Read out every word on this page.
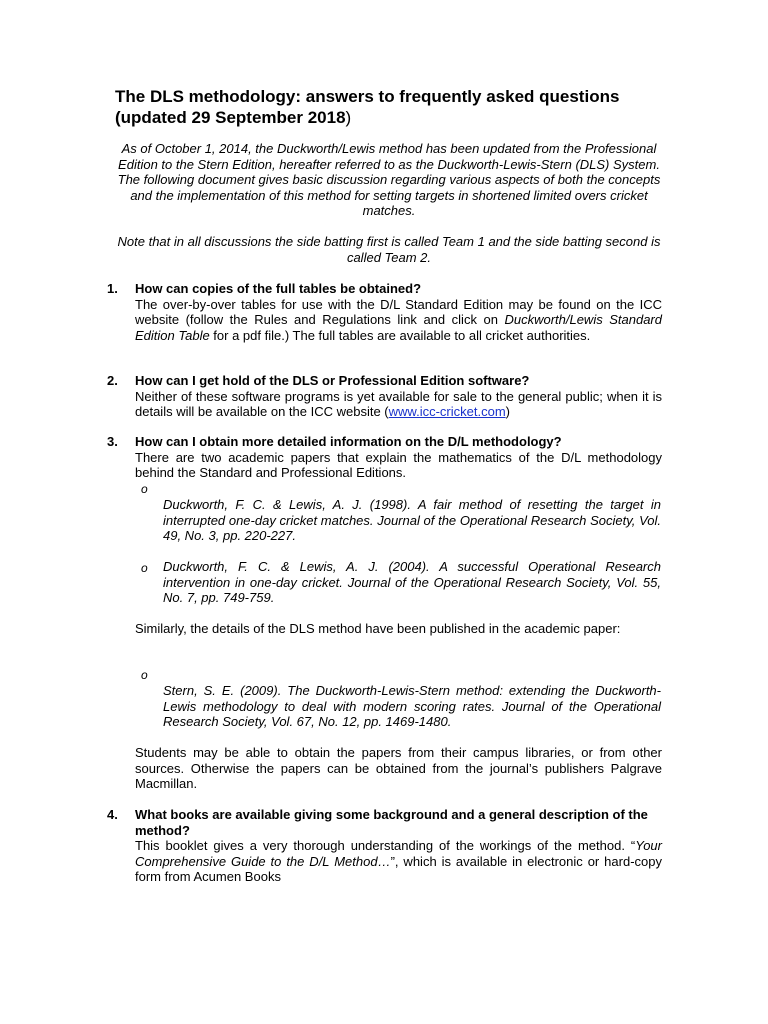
The DLS methodology: answers to frequently asked questions
(updated 29 September 2018)
As of October 1, 2014, the Duckworth/Lewis method has been updated from the Professional Edition to the Stern Edition, hereafter referred to as the Duckworth-Lewis-Stern (DLS) System. The following document gives basic discussion regarding various aspects of both the concepts and the implementation of this method for setting targets in shortened limited overs cricket matches.
Note that in all discussions the side batting first is called Team 1 and the side batting second is called Team 2.
1. How can copies of the full tables be obtained?
The over-by-over tables for use with the D/L Standard Edition may be found on the ICC website (follow the Rules and Regulations link and click on Duckworth/Lewis Standard Edition Table for a pdf file.) The full tables are available to all cricket authorities.
2. How can I get hold of the DLS or Professional Edition software?
Neither of these software programs is yet available for sale to the general public; when it is details will be available on the ICC website (www.icc-cricket.com)
3. How can I obtain more detailed information on the D/L methodology?
There are two academic papers that explain the mathematics of the D/L methodology behind the Standard and Professional Editions.
o
Duckworth, F. C. & Lewis, A. J. (1998). A fair method of resetting the target in interrupted one-day cricket matches. Journal of the Operational Research Society, Vol. 49, No. 3, pp. 220-227.
o Duckworth, F. C. & Lewis, A. J. (2004). A successful Operational Research intervention in one-day cricket. Journal of the Operational Research Society, Vol. 55, No. 7, pp. 749-759.
Similarly, the details of the DLS method have been published in the academic paper:
o
Stern, S. E. (2009). The Duckworth-Lewis-Stern method: extending the Duckworth-Lewis methodology to deal with modern scoring rates. Journal of the Operational Research Society, Vol. 67, No. 12, pp. 1469-1480.
Students may be able to obtain the papers from their campus libraries, or from other sources. Otherwise the papers can be obtained from the journal’s publishers Palgrave Macmillan.
4. What books are available giving some background and a general description of the method?
This booklet gives a very thorough understanding of the workings of the method. “Your Comprehensive Guide to the D/L Method…”, which is available in electronic or hard-copy form from Acumen Books
